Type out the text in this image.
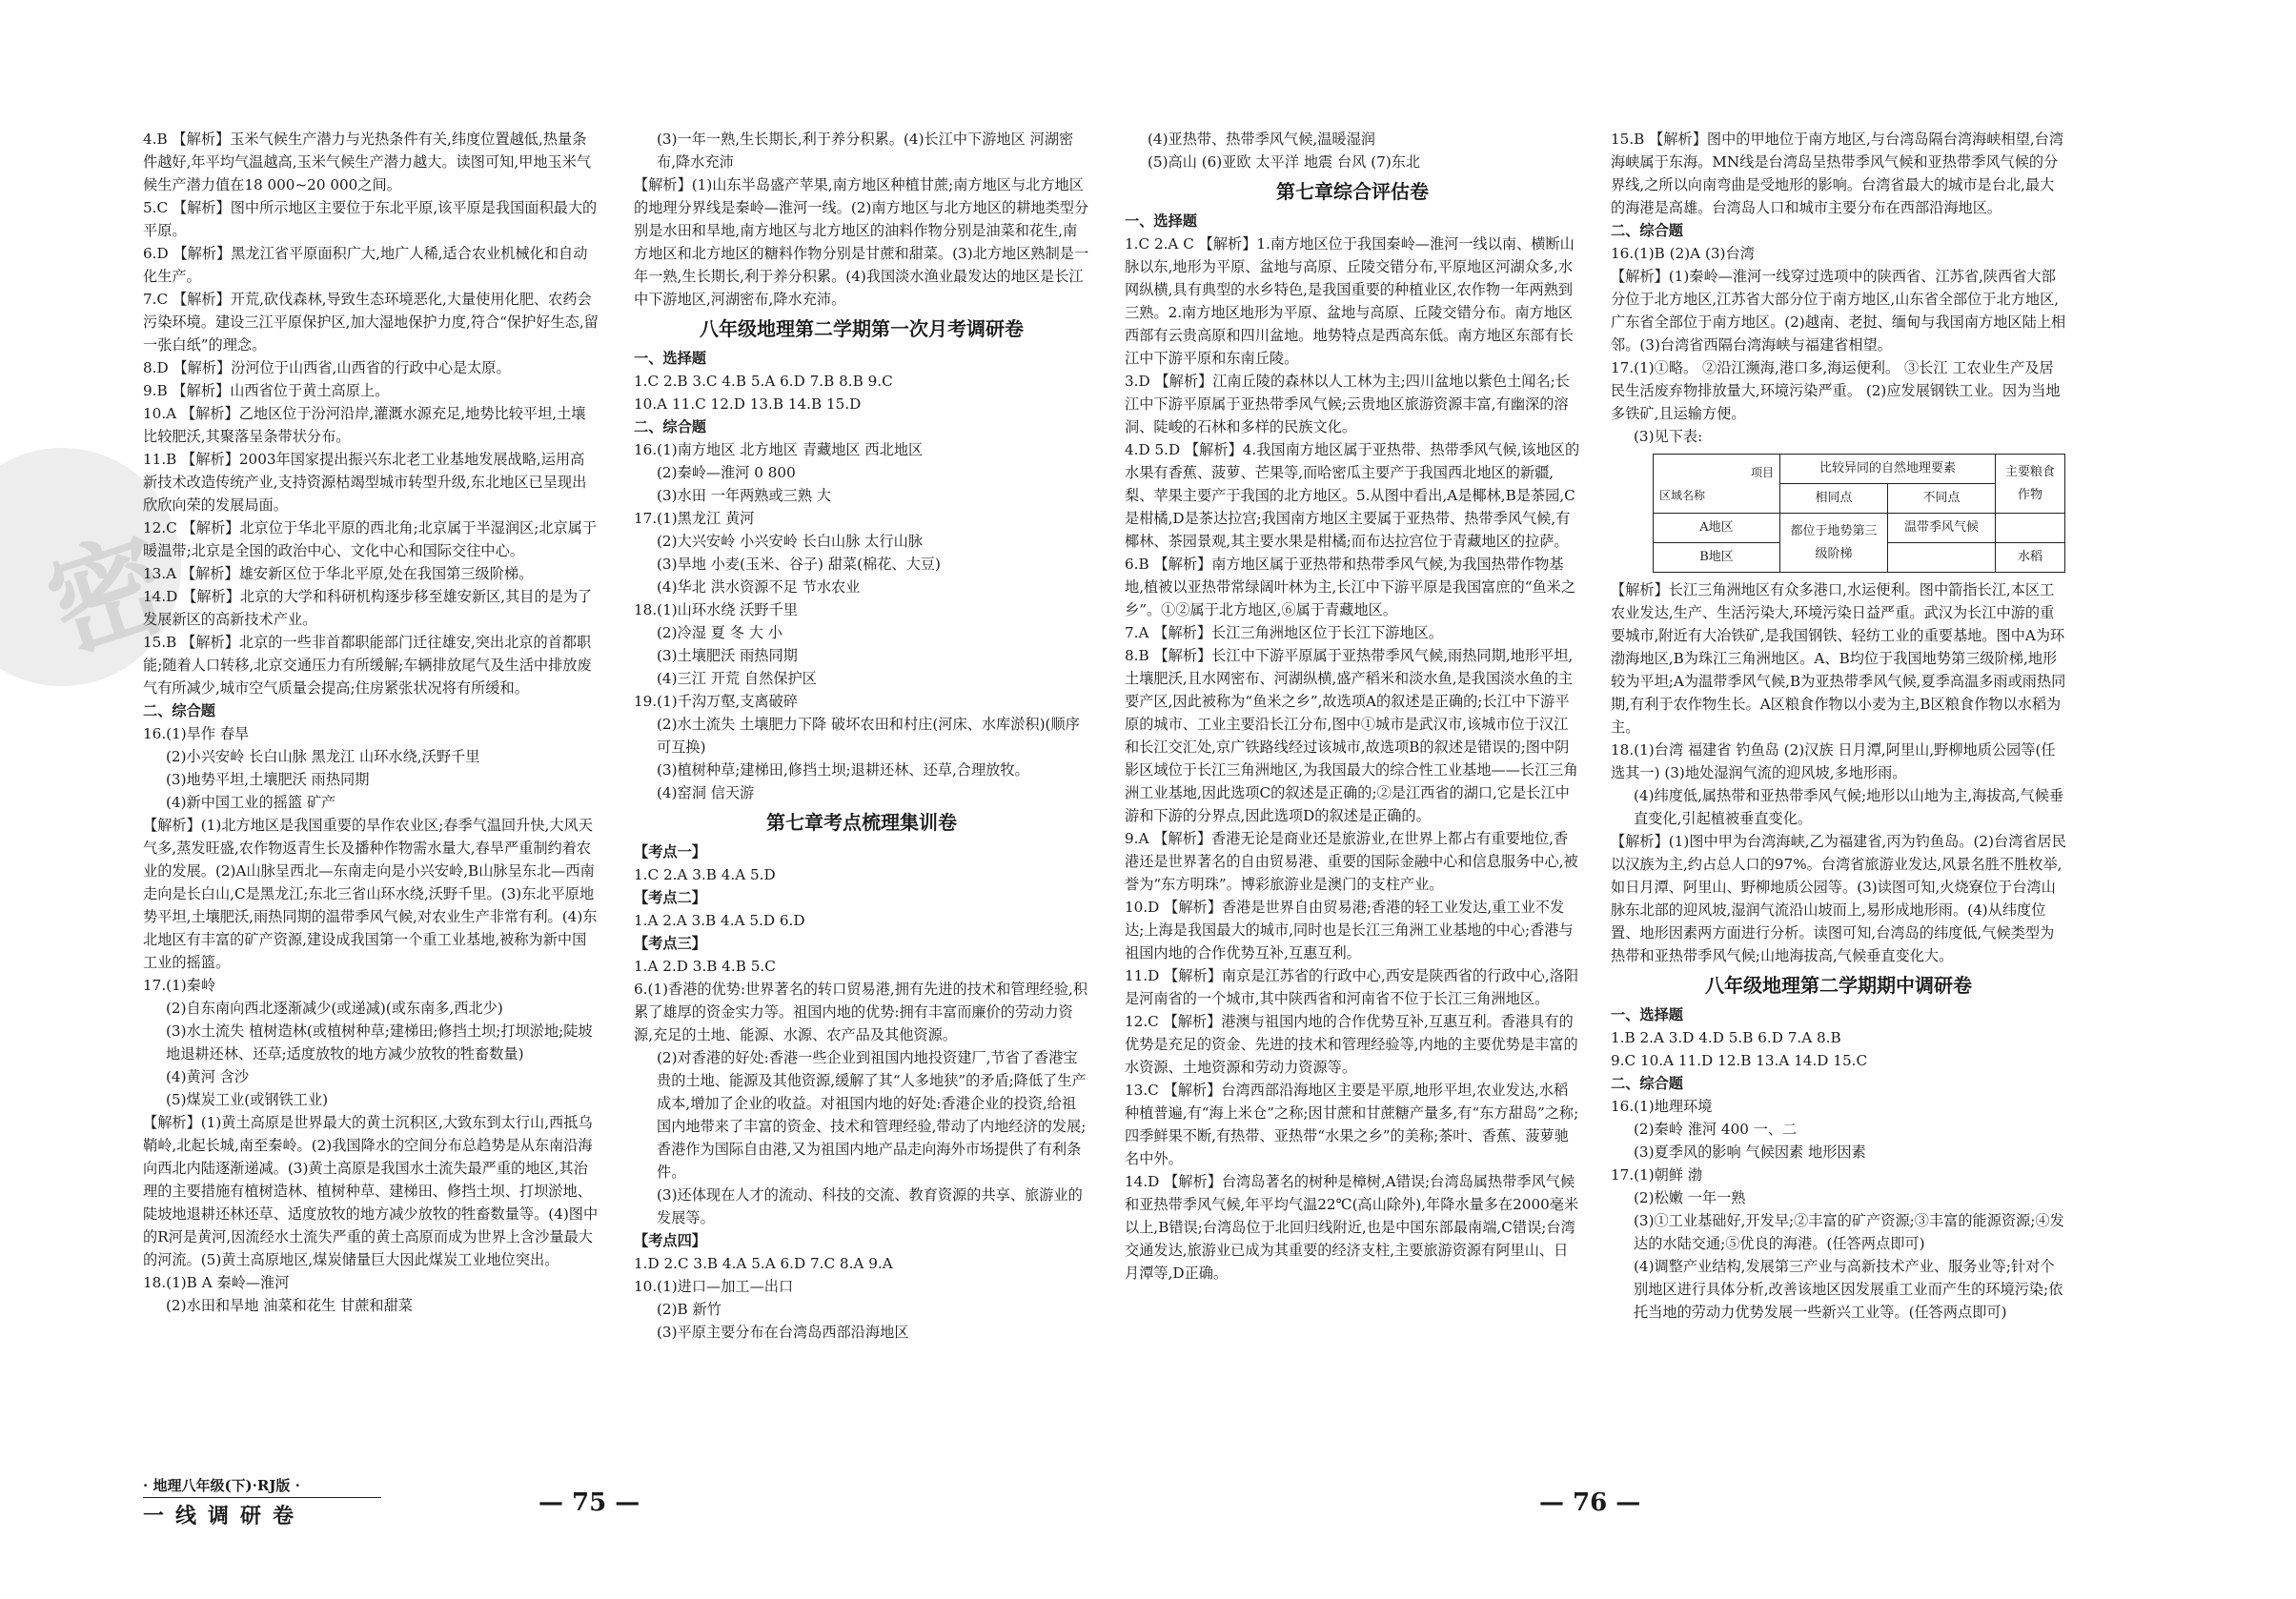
密

4.B 【解析】玉米气候生产潜力与光热条件有关,纬度位置越低,热量条件越好,年平均气温越高,玉米气候生产潜力越大。读图可知,甲地玉米气候生产潜力值在18 000~20 000之间。

5.C 【解析】图中所示地区主要位于东北平原,该平原是我国面积最大的平原。

6.D 【解析】黑龙江省平原面积广大,地广人稀,适合农业机械化和自动化生产。

7.C 【解析】开荒,砍伐森林,导致生态环境恶化,大量使用化肥、农药会污染环境。建设三江平原保护区,加大湿地保护力度,符合“保护好生态,留一张白纸”的理念。

8.D 【解析】汾河位于山西省,山西省的行政中心是太原。

9.B 【解析】山西省位于黄土高原上。

10.A 【解析】乙地区位于汾河沿岸,灌溉水源充足,地势比较平坦,土壤比较肥沃,其聚落呈条带状分布。

11.B 【解析】2003年国家提出振兴东北老工业基地发展战略,运用高新技术改造传统产业,支持资源枯竭型城市转型升级,东北地区已呈现出欣欣向荣的发展局面。

12.C 【解析】北京位于华北平原的西北角;北京属于半湿润区;北京属于暖温带;北京是全国的政治中心、文化中心和国际交往中心。

13.A 【解析】雄安新区位于华北平原,处在我国第三级阶梯。

14.D 【解析】北京的大学和科研机构逐步移至雄安新区,其目的是为了发展新区的高新技术产业。

15.B 【解析】北京的一些非首都职能部门迁往雄安,突出北京的首都职能;随着人口转移,北京交通压力有所缓解;车辆排放尾气及生活中排放废气有所减少,城市空气质量会提高;住房紧张状况将有所缓和。

二、综合题

16.(1)旱作 春旱

(2)小兴安岭 长白山脉 黑龙江 山环水绕,沃野千里

(3)地势平坦,土壤肥沃 雨热同期

(4)新中国工业的摇篮 矿产

【解析】(1)北方地区是我国重要的旱作农业区;春季气温回升快,大风天气多,蒸发旺盛,农作物返青生长及播种作物需水量大,春旱严重制约着农业的发展。(2)A山脉呈西北—东南走向是小兴安岭,B山脉呈东北—西南走向是长白山,C是黑龙江;东北三省山环水绕,沃野千里。(3)东北平原地势平坦,土壤肥沃,雨热同期的温带季风气候,对农业生产非常有利。(4)东北地区有丰富的矿产资源,建设成我国第一个重工业基地,被称为新中国工业的摇篮。

17.(1)秦岭

(2)自东南向西北逐渐减少(或递减)(或东南多,西北少)

(3)水土流失 植树造林(或植树种草;建梯田;修挡土坝;打坝淤地;陡坡地退耕还林、还草;适度放牧的地方减少放牧的牲畜数量)

(4)黄河 含沙

(5)煤炭工业(或钢铁工业)

【解析】(1)黄土高原是世界最大的黄土沉积区,大致东到太行山,西抵乌鞘岭,北起长城,南至秦岭。(2)我国降水的空间分布总趋势是从东南沿海向西北内陆逐渐递减。(3)黄土高原是我国水土流失最严重的地区,其治理的主要措施有植树造林、植树种草、建梯田、修挡土坝、打坝淤地、陡坡地退耕还林还草、适度放牧的地方减少放牧的牲畜数量等。(4)图中的R河是黄河,因流经水土流失严重的黄土高原而成为世界上含沙量最大的河流。(5)黄土高原地区,煤炭储量巨大因此煤炭工业地位突出。

18.(1)B A 秦岭—淮河

(2)水田和旱地 油菜和花生 甘蔗和甜菜

(3)一年一熟,生长期长,利于养分积累。(4)长江中下游地区 河湖密布,降水充沛

【解析】(1)山东半岛盛产苹果,南方地区种植甘蔗;南方地区与北方地区的地理分界线是秦岭—淮河一线。(2)南方地区与北方地区的耕地类型分别是水田和旱地,南方地区与北方地区的油料作物分别是油菜和花生,南方地区和北方地区的糖料作物分别是甘蔗和甜菜。(3)北方地区熟制是一年一熟,生长期长,利于养分积累。(4)我国淡水渔业最发达的地区是长江中下游地区,河湖密布,降水充沛。

八年级地理第二学期第一次月考调研卷

一、选择题

1.C 2.B 3.C 4.B 5.A 6.D 7.B 8.B 9.C

10.A 11.C 12.D 13.B 14.B 15.D

二、综合题

16.(1)南方地区 北方地区 青藏地区 西北地区

(2)秦岭—淮河 0 800

(3)水田 一年两熟或三熟 大

17.(1)黑龙江 黄河

(2)大兴安岭 小兴安岭 长白山脉 太行山脉

(3)旱地 小麦(玉米、谷子) 甜菜(棉花、大豆)

(4)华北 洪水资源不足 节水农业

18.(1)山环水绕 沃野千里

(2)冷湿 夏 冬 大 小

(3)土壤肥沃 雨热同期

(4)三江 开荒 自然保护区

19.(1)千沟万壑,支离破碎

(2)水土流失 土壤肥力下降 破坏农田和村庄(河床、水库淤积)(顺序可互换)

(3)植树种草;建梯田,修挡土坝;退耕还林、还草,合理放牧。

(4)窑洞 信天游

第七章考点梳理集训卷

【考点一】

1.C 2.A 3.B 4.A 5.D

【考点二】

1.A 2.A 3.B 4.A 5.D 6.D

【考点三】

1.A 2.D 3.B 4.B 5.C

6.(1)香港的优势:世界著名的转口贸易港,拥有先进的技术和管理经验,积累了雄厚的资金实力等。祖国内地的优势:拥有丰富而廉价的劳动力资源,充足的土地、能源、水源、农产品及其他资源。

(2)对香港的好处:香港一些企业到祖国内地投资建厂,节省了香港宝贵的土地、能源及其他资源,缓解了其“人多地狭”的矛盾;降低了生产成本,增加了企业的收益。对祖国内地的好处:香港企业的投资,给祖国内地带来了丰富的资金、技术和管理经验,带动了内地经济的发展;香港作为国际自由港,又为祖国内地产品走向海外市场提供了有利条件。

(3)还体现在人才的流动、科技的交流、教育资源的共享、旅游业的发展等。

【考点四】

1.D 2.C 3.B 4.A 5.A 6.D 7.C 8.A 9.A

10.(1)进口—加工—出口

(2)B 新竹

(3)平原主要分布在台湾岛西部沿海地区

(4)亚热带、热带季风气候,温暖湿润

(5)高山 (6)亚欧 太平洋 地震 台风 (7)东北

第七章综合评估卷

一、选择题

1.C 2.A C 【解析】1.南方地区位于我国秦岭—淮河一线以南、横断山脉以东,地形为平原、盆地与高原、丘陵交错分布,平原地区河湖众多,水网纵横,具有典型的水乡特色,是我国重要的种植业区,农作物一年两熟到三熟。2.南方地区地形为平原、盆地与高原、丘陵交错分布。南方地区西部有云贵高原和四川盆地。地势特点是西高东低。南方地区东部有长江中下游平原和东南丘陵。

3.D 【解析】江南丘陵的森林以人工林为主;四川盆地以紫色土闻名;长江中下游平原属于亚热带季风气候;云贵地区旅游资源丰富,有幽深的溶洞、陡峻的石林和多样的民族文化。

4.D 5.D 【解析】4.我国南方地区属于亚热带、热带季风气候,该地区的水果有香蕉、菠萝、芒果等,而哈密瓜主要产于我国西北地区的新疆,梨、苹果主要产于我国的北方地区。5.从图中看出,A是椰林,B是茶园,C是柑橘,D是茶达拉宫;我国南方地区主要属于亚热带、热带季风气候,有椰林、茶园景观,其主要水果是柑橘;而布达拉宫位于青藏地区的拉萨。

6.B 【解析】南方地区属于亚热带和热带季风气候,为我国热带作物基地,植被以亚热带常绿阔叶林为主,长江中下游平原是我国富庶的“鱼米之乡”。①②属于北方地区,⑥属于青藏地区。

7.A 【解析】长江三角洲地区位于长江下游地区。

8.B 【解析】长江中下游平原属于亚热带季风气候,雨热同期,地形平坦,土壤肥沃,且水网密布、河湖纵横,盛产稻米和淡水鱼,是我国淡水鱼的主要产区,因此被称为“鱼米之乡”,故选项A的叙述是正确的;长江中下游平原的城市、工业主要沿长江分布,图中①城市是武汉市,该城市位于汉江和长江交汇处,京广铁路线经过该城市,故选项B的叙述是错误的;图中阴影区域位于长江三角洲地区,为我国最大的综合性工业基地——长江三角洲工业基地,因此选项C的叙述是正确的;②是江西省的湖口,它是长江中游和下游的分界点,因此选项D的叙述是正确的。

9.A 【解析】香港无论是商业还是旅游业,在世界上都占有重要地位,香港还是世界著名的自由贸易港、重要的国际金融中心和信息服务中心,被誉为“东方明珠”。博彩旅游业是澳门的支柱产业。

10.D 【解析】香港是世界自由贸易港;香港的轻工业发达,重工业不发达;上海是我国最大的城市,同时也是长江三角洲工业基地的中心;香港与祖国内地的合作优势互补,互惠互利。

11.D 【解析】南京是江苏省的行政中心,西安是陕西省的行政中心,洛阳是河南省的一个城市,其中陕西省和河南省不位于长江三角洲地区。

12.C 【解析】港澳与祖国内地的合作优势互补,互惠互利。香港具有的优势是充足的资金、先进的技术和管理经验等,内地的主要优势是丰富的水资源、土地资源和劳动力资源等。

13.C 【解析】台湾西部沿海地区主要是平原,地形平坦,农业发达,水稻种植普遍,有“海上米仓”之称;因甘蔗和甘蔗糖产量多,有“东方甜岛”之称;四季鲜果不断,有热带、亚热带“水果之乡”的美称;茶叶、香蕉、菠萝驰名中外。

14.D 【解析】台湾岛著名的树种是樟树,A错误;台湾岛属热带季风气候和亚热带季风气候,年平均气温22℃(高山除外),年降水量多在2000毫米以上,B错误;台湾岛位于北回归线附近,也是中国东部最南端,C错误;台湾交通发达,旅游业已成为其重要的经济支柱,主要旅游资源有阿里山、日月潭等,D正确。

15.B 【解析】图中的甲地位于南方地区,与台湾岛隔台湾海峡相望,台湾海峡属于东海。MN线是台湾岛呈热带季风气候和亚热带季风气候的分界线,之所以向南弯曲是受地形的影响。台湾省最大的城市是台北,最大的海港是高雄。台湾岛人口和城市主要分布在西部沿海地区。

二、综合题

16.(1)B (2)A (3)台湾

【解析】(1)秦岭—淮河一线穿过选项中的陕西省、江苏省,陕西省大部分位于北方地区,江苏省大部分位于南方地区,山东省全部位于北方地区,广东省全部位于南方地区。(2)越南、老挝、缅甸与我国南方地区陆上相邻。(3)台湾省西隔台湾海峡与福建省相望。

17.(1)①略。 ②沿江濒海,港口多,海运便利。 ③长江 工农业生产及居民生活废弃物排放量大,环境污染严重。 (2)应发展钢铁工业。因为当地多铁矿,且运输方便。

(3)见下表:

项目
区域名称	比较异同的自然地理要素		主要粮食作物
	相同点	不同点	
A地区	都位于地势第三级阶梯	温带季风气候	
B地区			水稻

【解析】长江三角洲地区有众多港口,水运便利。图中箭指长江,本区工农业发达,生产、生活污染大,环境污染日益严重。武汉为长江中游的重要城市,附近有大冶铁矿,是我国钢铁、轻纺工业的重要基地。图中A为环渤海地区,B为珠江三角洲地区。A、B均位于我国地势第三级阶梯,地形较为平坦;A为温带季风气候,B为亚热带季风气候,夏季高温多雨或雨热同期,有利于农作物生长。A区粮食作物以小麦为主,B区粮食作物以水稻为主。

18.(1)台湾 福建省 钓鱼岛 (2)汉族 日月潭,阿里山,野柳地质公园等(任选其一) (3)地处湿润气流的迎风坡,多地形雨。

(4)纬度低,属热带和亚热带季风气候;地形以山地为主,海拔高,气候垂直变化,引起植被垂直变化。

【解析】(1)图中甲为台湾海峡,乙为福建省,丙为钓鱼岛。(2)台湾省居民以汉族为主,约占总人口的97%。台湾省旅游业发达,风景名胜不胜枚举,如日月潭、阿里山、野柳地质公园等。(3)读图可知,火烧寮位于台湾山脉东北部的迎风坡,湿润气流沿山坡而上,易形成地形雨。(4)从纬度位置、地形因素两方面进行分析。读图可知,台湾岛的纬度低,气候类型为热带和亚热带季风气候;山地海拔高,气候垂直变化大。

八年级地理第二学期期中调研卷

一、选择题

1.B 2.A 3.D 4.D 5.B 6.D 7.A 8.B

9.C 10.A 11.D 12.B 13.A 14.D 15.C

二、综合题

16.(1)地理环境

(2)秦岭 淮河 400 一、二

(3)夏季风的影响 气候因素 地形因素

17.(1)朝鲜 渤

(2)松嫩 一年一熟

(3)①工业基础好,开发早;②丰富的矿产资源;③丰富的能源资源;④发达的水陆交通;⑤优良的海港。(任答两点即可)

(4)调整产业结构,发展第三产业与高新技术产业、服务业等;针对个别地区进行具体分析,改善该地区因发展重工业而产生的环境污染;依托当地的劳动力优势发展一些新兴工业等。(任答两点即可)

· 地理八年级(下)·RJ版 ·
一线调研卷	— 75 —	— 76 —
